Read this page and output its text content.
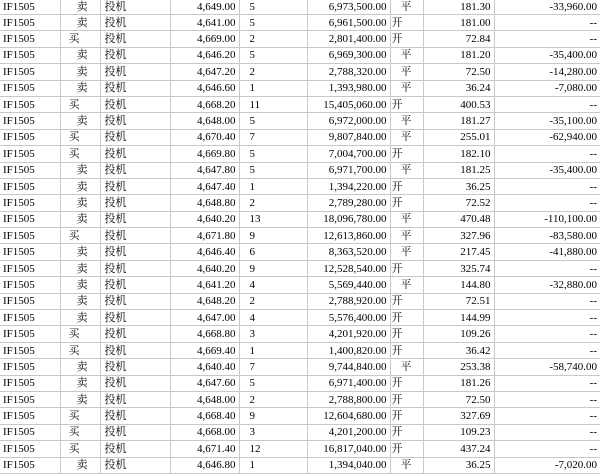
IF1505	卖	投机	4,649.00	5	6,973,500.00	平	181.30	-33,960.00
IF1505	卖	投机	4,641.00	5	6,961,500.00	开	181.00	--
IF1505	买	投机	4,669.00	2	2,801,400.00	开	72.84	--
IF1505	卖	投机	4,646.20	5	6,969,300.00	平	181.20	-35,400.00
IF1505	卖	投机	4,647.20	2	2,788,320.00	平	72.50	-14,280.00
IF1505	卖	投机	4,646.60	1	1,393,980.00	平	36.24	-7,080.00
IF1505	买	投机	4,668.20	11	15,405,060.00	开	400.53	--
IF1505	卖	投机	4,648.00	5	6,972,000.00	平	181.27	-35,100.00
IF1505	买	投机	4,670.40	7	9,807,840.00	平	255.01	-62,940.00
IF1505	买	投机	4,669.80	5	7,004,700.00	开	182.10	--
IF1505	卖	投机	4,647.80	5	6,971,700.00	平	181.25	-35,400.00
IF1505	卖	投机	4,647.40	1	1,394,220.00	开	36.25	--
IF1505	卖	投机	4,648.80	2	2,789,280.00	开	72.52	--
IF1505	卖	投机	4,640.20	13	18,096,780.00	平	470.48	-110,100.00
IF1505	买	投机	4,671.80	9	12,613,860.00	平	327.96	-83,580.00
IF1505	卖	投机	4,646.40	6	8,363,520.00	平	217.45	-41,880.00
IF1505	卖	投机	4,640.20	9	12,528,540.00	开	325.74	--
IF1505	卖	投机	4,641.20	4	5,569,440.00	平	144.80	-32,880.00
IF1505	卖	投机	4,648.20	2	2,788,920.00	开	72.51	--
IF1505	卖	投机	4,647.00	4	5,576,400.00	开	144.99	--
IF1505	买	投机	4,668.80	3	4,201,920.00	开	109.26	--
IF1505	买	投机	4,669.40	1	1,400,820.00	开	36.42	--
IF1505	卖	投机	4,640.40	7	9,744,840.00	平	253.38	-58,740.00
IF1505	卖	投机	4,647.60	5	6,971,400.00	开	181.26	--
IF1505	卖	投机	4,648.00	2	2,788,800.00	开	72.50	--
IF1505	买	投机	4,668.40	9	12,604,680.00	开	327.69	--
IF1505	买	投机	4,668.00	3	4,201,200.00	开	109.23	--
IF1505	买	投机	4,671.40	12	16,817,040.00	开	437.24	--
IF1505	卖	投机	4,646.80	1	1,394,040.00	平	36.25	-7,020.00
